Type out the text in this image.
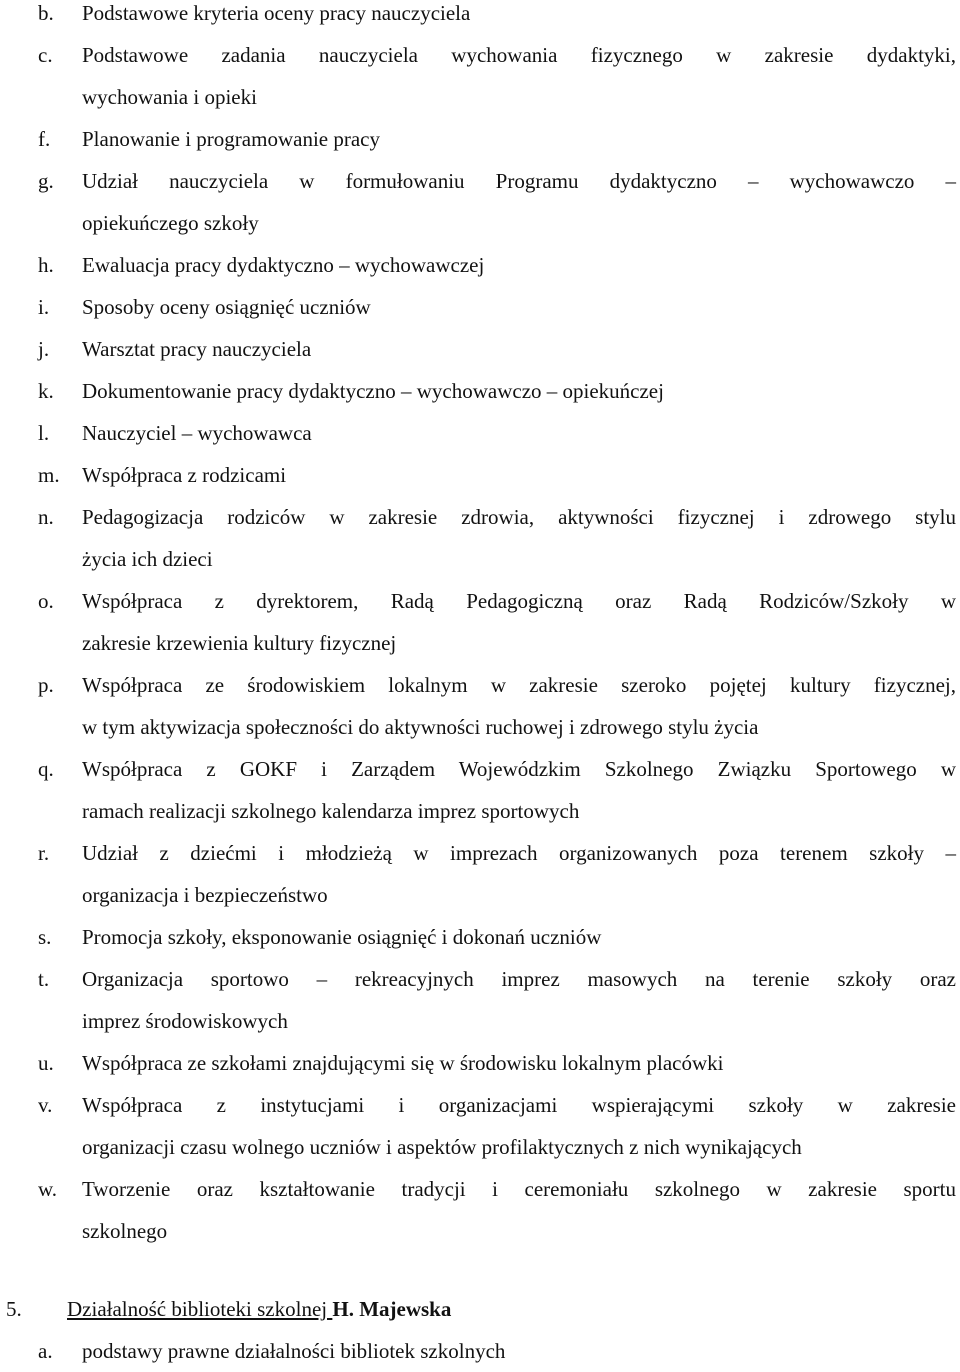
b. Podstawowe kryteria oceny pracy nauczyciela
c. Podstawowe zadania nauczyciela wychowania fizycznego w zakresie dydaktyki,
wychowania i opieki
f. Planowanie i programowanie pracy
g. Udział nauczyciela w formułowaniu Programu dydaktyczno – wychowawczo –
opiekuńczego szkoły
h. Ewaluacja pracy dydaktyczno – wychowawczej
i. Sposoby oceny osiągnięć uczniów
j. Warsztat pracy nauczyciela
k. Dokumentowanie pracy dydaktyczno – wychowawczo – opiekuńczej
l. Nauczyciel – wychowawca
m. Współpraca z rodzicami
n. Pedagogizacja rodziców w zakresie zdrowia, aktywności fizycznej i zdrowego stylu
życia ich dzieci
o. Współpraca z dyrektorem, Radą Pedagogiczną oraz Radą Rodziców/Szkoły w
zakresie krzewienia kultury fizycznej
p. Współpraca ze środowiskiem lokalnym w zakresie szeroko pojętej kultury fizycznej,
w tym aktywizacja społeczności do aktywności ruchowej i zdrowego stylu życia
q. Współpraca z GOKF i Zarządem Wojewódzkim Szkolnego Związku Sportowego w
ramach realizacji szkolnego kalendarza imprez sportowych
r. Udział z dziećmi i młodzieżą w imprezach organizowanych poza terenem szkoły –
organizacja i bezpieczeństwo
s. Promocja szkoły, eksponowanie osiągnięć i dokonań uczniów
t. Organizacja sportowo – rekreacyjnych imprez masowych na terenie szkoły oraz
imprez środowiskowych
u. Współpraca ze szkołami znajdującymi się w środowisku lokalnym placówki
v. Współpraca z instytucjami i organizacjami wspierającymi szkoły w zakresie
organizacji czasu wolnego uczniów i aspektów profilaktycznych z nich wynikających
w. Tworzenie oraz kształtowanie tradycji i ceremoniału szkolnego w zakresie sportu
szkolnego
5. Działalność biblioteki szkolnej H. Majewska
a. podstawy prawne działalności bibliotek szkolnych
